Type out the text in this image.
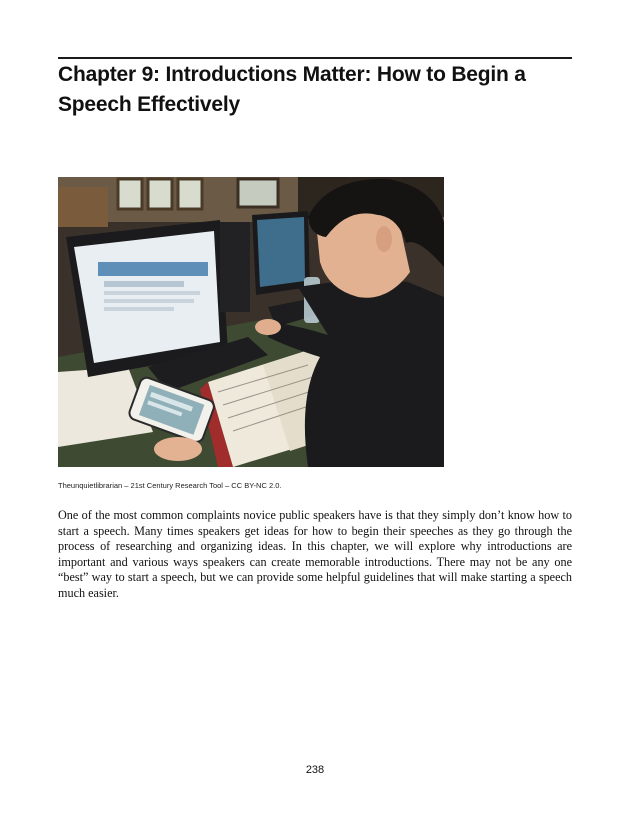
Chapter 9: Introductions Matter: How to Begin a Speech Effectively
Theunquietlibrarian – 21st Century Research Tool – CC BY-NC 2.0.

One of the most common complaints novice public speakers have is that they simply don’t know how to start a speech. Many times speakers get ideas for how to begin their speeches as they go through the process of researching and organizing ideas. In this chapter, we will explore why introductions are important and various ways speakers can create memorable introductions. There may not be any one “best” way to start a speech, but we can provide some helpful guidelines that will make starting a speech much easier.

238
